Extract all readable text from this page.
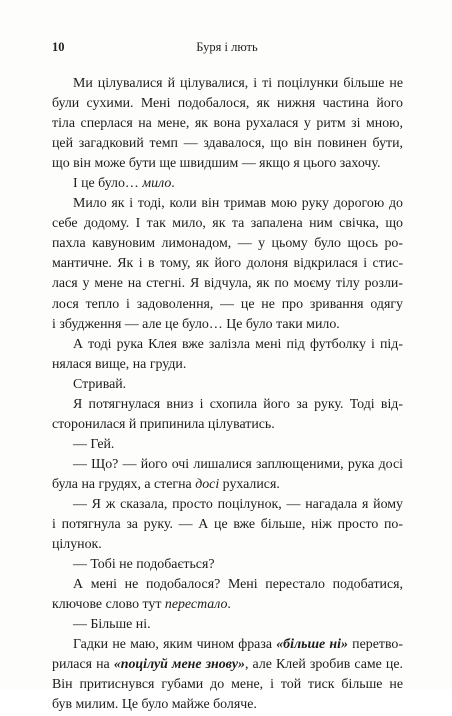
10	Буря і лють
Ми цілувалися й цілувалися, і ті поцілунки більше не
були сухими. Мені подобалося, як нижня частина його
тіла сперлася на мене, як вона рухалася у ритм зі мною,
цей загадковий темп — здавалося, що він повинен бути,
що він може бути ще швидшим — якщо я цього захочу.
І це було… мило.
Мило як і тоді, коли він тримав мою руку дорогою до
себе додому. І так мило, як та запалена ним свічка, що
пахла кавуновим лимонадом, — у цьому було щось ро-
мантичне. Як і в тому, як його долоня відкрилася і стис-
лася у мене на стегні. Я відчула, як по моєму тілу розли-
лося тепло і задоволення, — це не про зривання одягу
і збудження — але це було… Це було таки мило.
А тоді рука Клея вже залізла мені під футболку і під-
нялася вище, на груди.
Стривай.
Я потягнулася вниз і схопила його за руку. Тоді від-
сторонилася й припинила цілуватись.
— Гей.
— Що? — його очі лишалися заплющеними, рука досі
була на грудях, а стегна досі рухалися.
— Я ж сказала, просто поцілунок, — нагадала я йому
і потягнула за руку. — А це вже більше, ніж просто по-
цілунок.
— Тобі не подобається?
А мені не подобалося? Мені перестало подобатися,
ключове слово тут перестало.
— Більше ні.
Гадки не маю, яким чином фраза «більше ні» перетво-
рилася на «поцілуй мене знову», але Клей зробив саме це.
Він притиснувся губами до мене, і той тиск більше не
був милим. Це було майже боляче.
